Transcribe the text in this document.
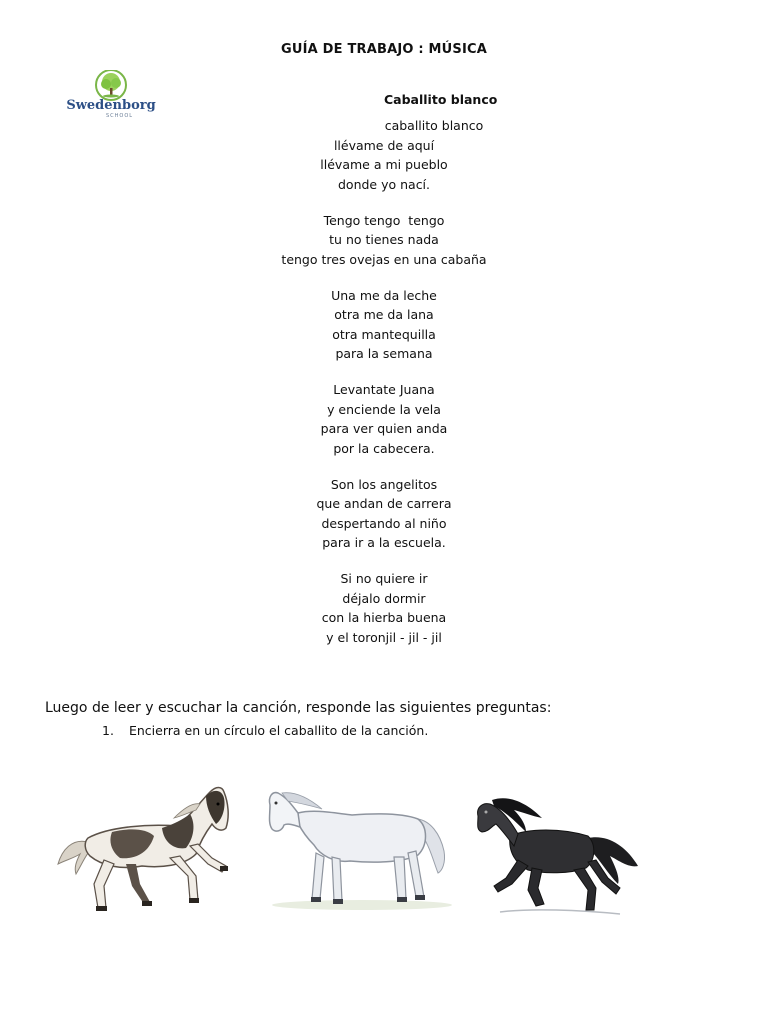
GUÍA DE TRABAJO : MÚSICA
Swedenborg
SCHOOL
Caballito blanco
caballito blanco
llévame de aquí
llévame a mi pueblo
donde yo nací.
Tengo tengo  tengo
tu no tienes nada
tengo tres ovejas en una cabaña
Una me da leche
otra me da lana
otra mantequilla
para la semana
Levantate Juana
y enciende la vela
para ver quien anda
por la cabecera.
Son los angelitos
que andan de carrera
despertando al niño
para ir a la escuela.
Si no quiere ir
déjalo dormir
con la hierba buena
y el toronjil - jil - jil
Luego de leer y escuchar la canción, responde las siguientes preguntas:
1. Encierra en un círculo el caballito de la canción.
